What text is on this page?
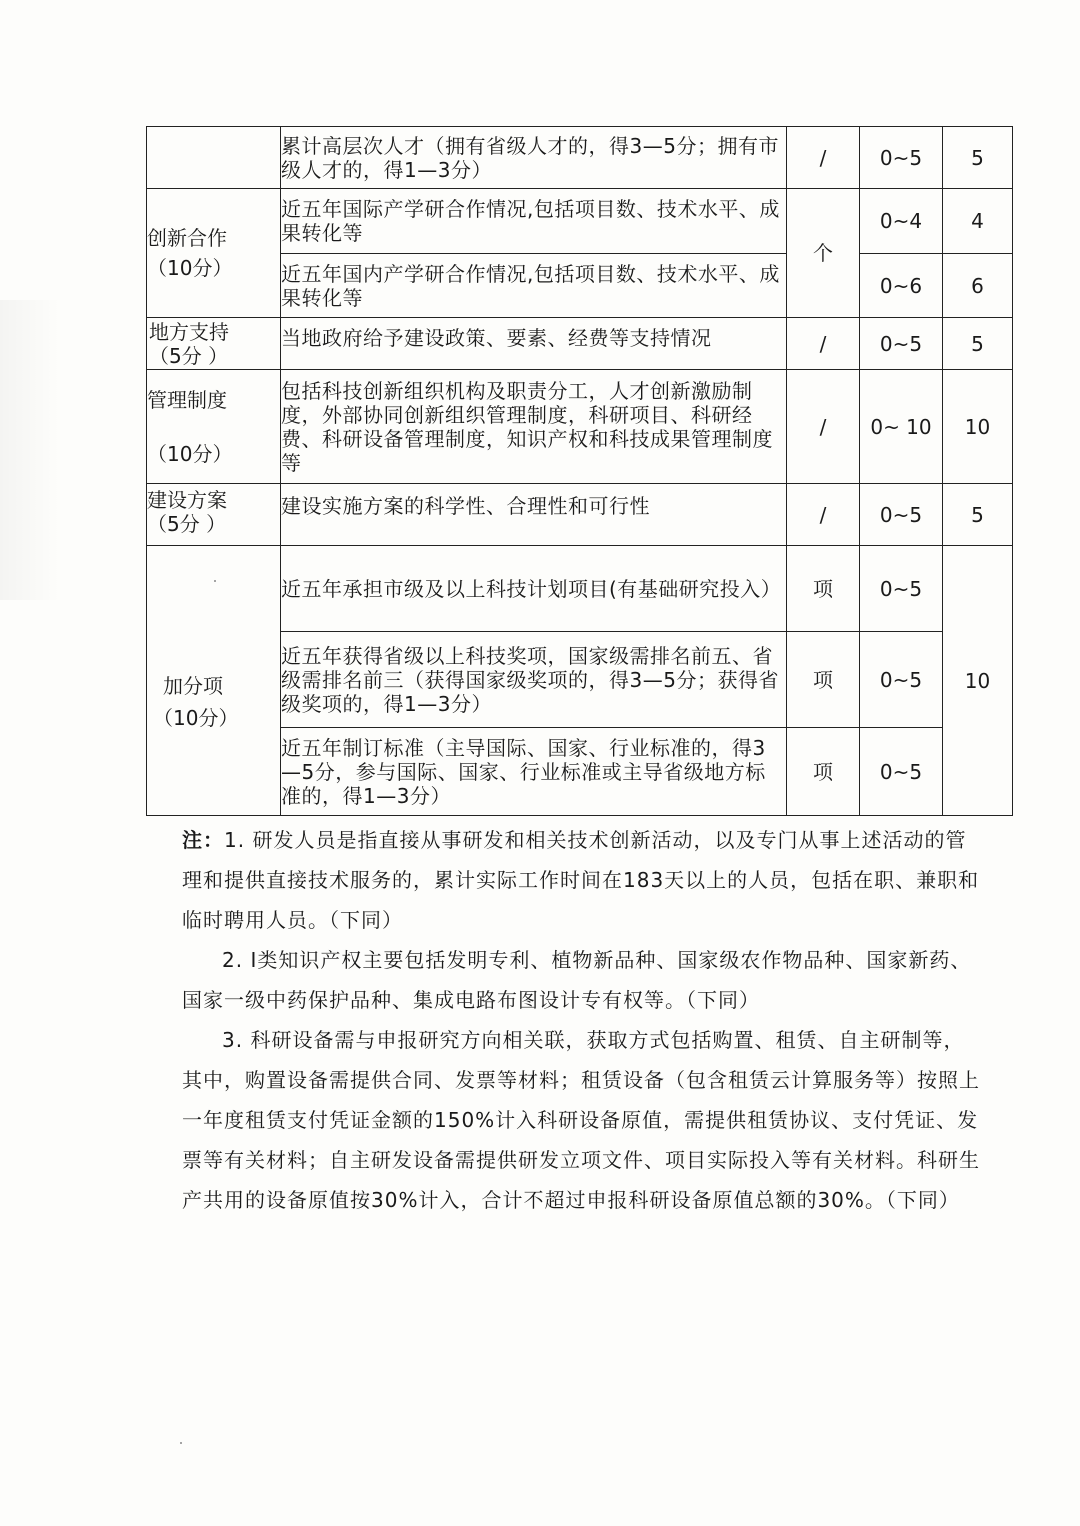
	累计高层次人才（拥有省级人才的，得3—5分；拥有市级人才的，得1—3分）	/	0~5	5

创新合作
（10分）	近五年国际产学研合作情况,包括项目数、技术水平、成果转化等	个	0~4	4
	近五年国内产学研合作情况,包括项目数、技术水平、成果转化等		0~6	6

地方支持
（5分 ）	当地政府给予建设政策、要素、经费等支持情况	/	0~5	5

管理制度
（10分）	包括科技创新组织机构及职责分工，人才创新激励制度，外部协同创新组织管理制度，科研项目、科研经费、科研设备管理制度，知识产权和科技成果管理制度等	/	0~ 10	10

建设方案
（5分 ）	建设实施方案的科学性、合理性和可行性	/	0~5	5

加分项
（10分）	近五年承担市级及以上科技计划项目(有基础研究投入）	项	0~5	10
	近五年获得省级以上科技奖项，国家级需排名前五、省级需排名前三（获得国家级奖项的，得3—5分；获得省级奖项的，得1—3分）	项	0~5	
	近五年制订标准（主导国际、国家、行业标准的，得3—5分，参与国际、国家、行业标准或主导省级地方标准的，得1—3分）	项	0~5	

注：1. 研发人员是指直接从事研发和相关技术创新活动，以及专门从事上述活动的管理和提供直接技术服务的，累计实际工作时间在183天以上的人员，包括在职、兼职和临时聘用人员。（下同）

2. I类知识产权主要包括发明专利、植物新品种、国家级农作物品种、国家新药、国家一级中药保护品种、集成电路布图设计专有权等。（下同）

3. 科研设备需与申报研究方向相关联，获取方式包括购置、租赁、自主研制等，其中，购置设备需提供合同、发票等材料；租赁设备（包含租赁云计算服务等）按照上一年度租赁支付凭证金额的150%计入科研设备原值，需提供租赁协议、支付凭证、发票等有关材料；自主研发设备需提供研发立项文件、项目实际投入等有关材料。科研生产共用的设备原值按30%计入，合计不超过申报科研设备原值总额的30%。（下同）
